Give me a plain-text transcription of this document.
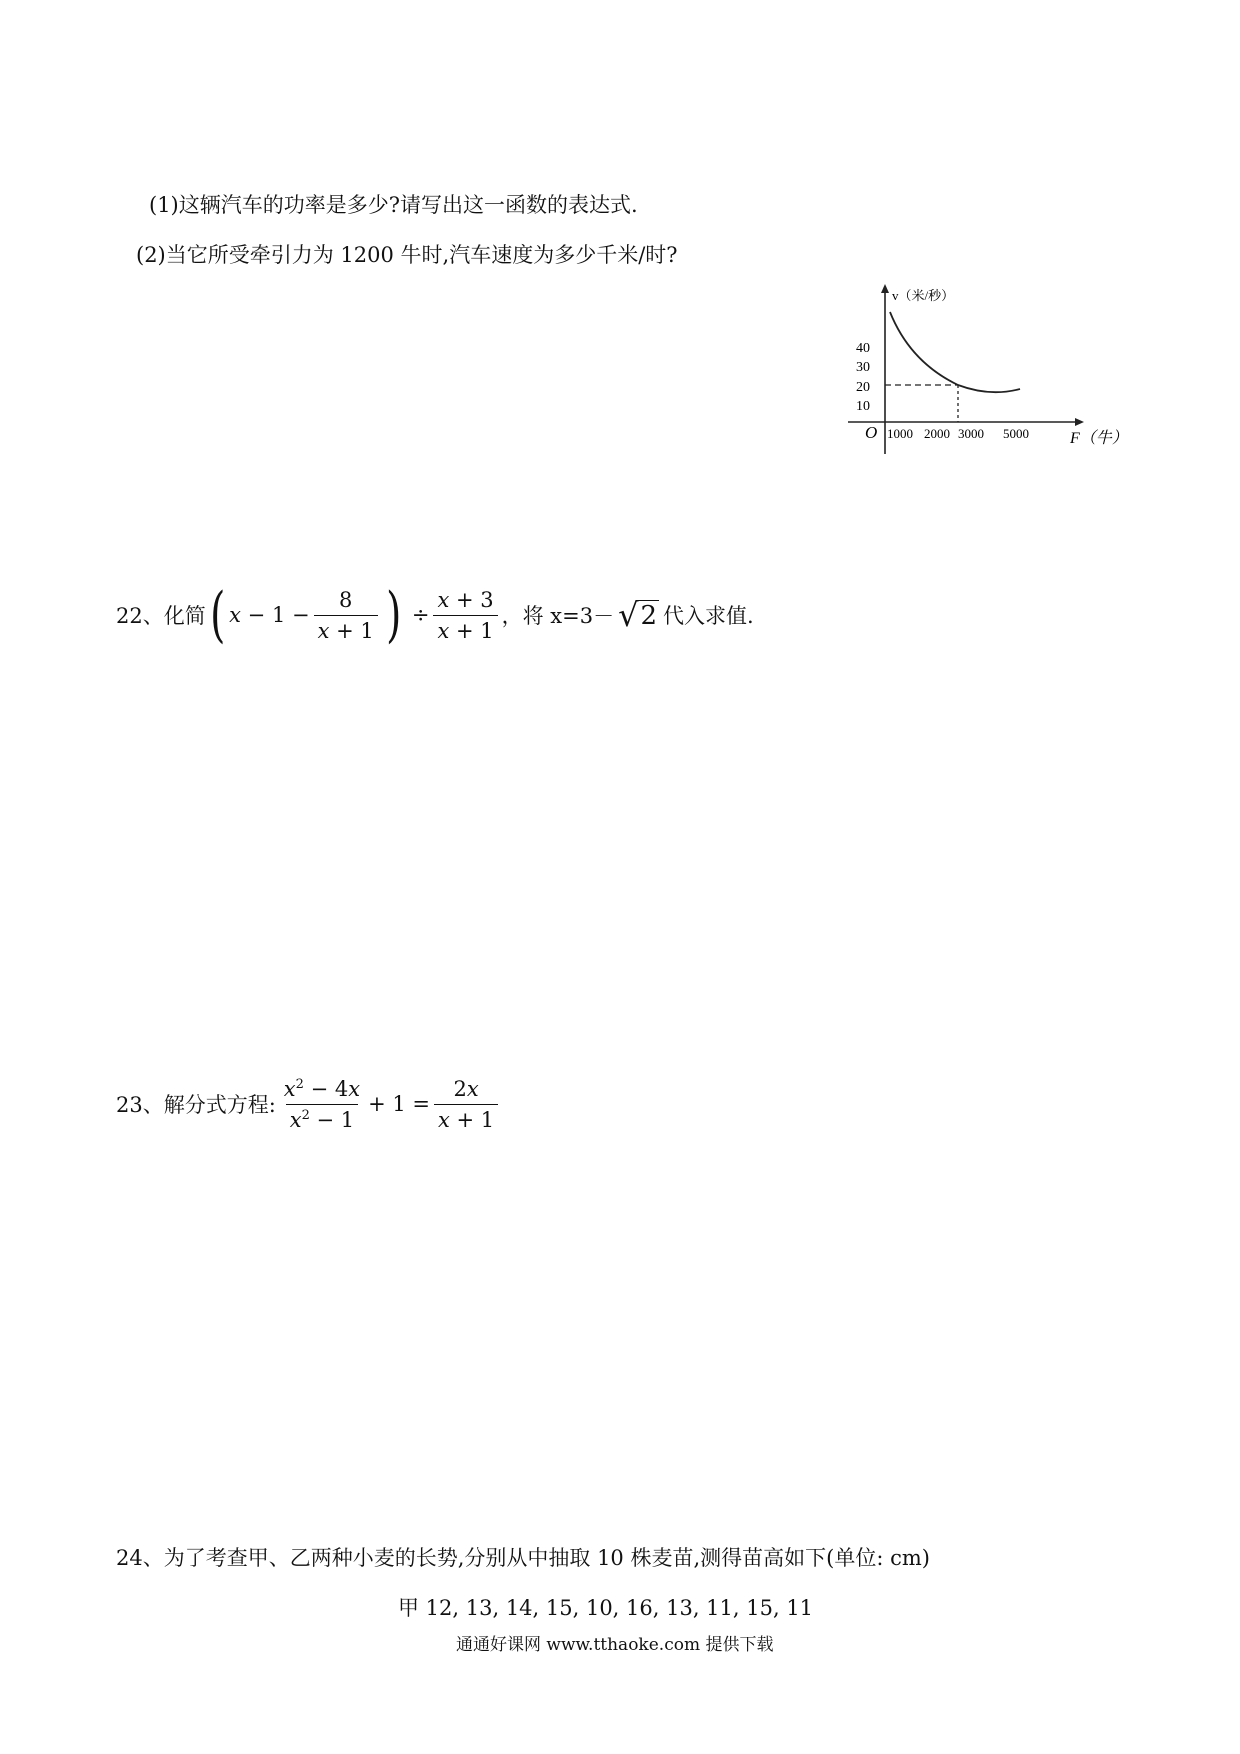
(1)这辆汽车的功率是多少?请写出这一函数的表达式.
(2)当它所受牵引力为 1200 牛时,汽车速度为多少千米/时?
v（米/秒）
F（牛）
O
40
30
20
10
1000 2000 3000 5000
22、化简 ( $x - 1 - \frac{8}{x + 1}$ ) ÷ $\frac{x + 3}{x + 1}$ ，将 x=3－ √ 2 代入求值.
23、解分式方程: $\frac{x^2 - 4x}{x^2 - 1} + 1 = \frac{2x}{x + 1}$
24、为了考查甲、乙两种小麦的长势,分别从中抽取 10 株麦苗,测得苗高如下(单位: cm)
甲 12, 13, 14, 15, 10, 16, 13, 11, 15, 11
通通好课网 www.tthaoke.com 提供下载
